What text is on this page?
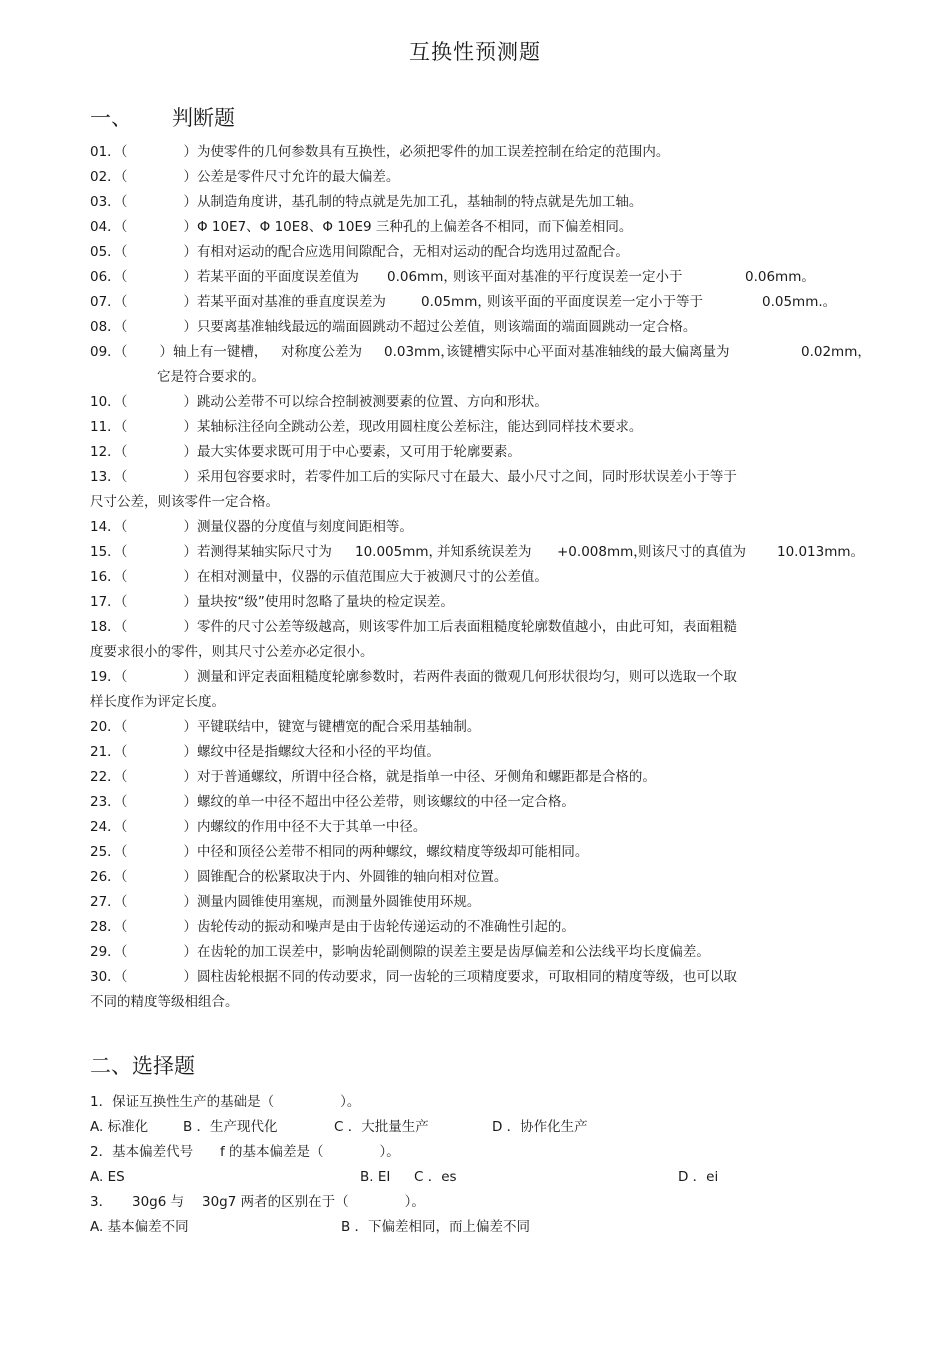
互换性预测题
一、 判断题
01．（	）为使零件的几何参数具有互换性，必须把零件的加工误差控制在给定的范围内。
02．（	）公差是零件尺寸允许的最大偏差。
03．（	）从制造角度讲，基孔制的特点就是先加工孔，基轴制的特点就是先加工轴。
04．（	）Φ 10E7、Φ 10E8、Φ 10E9 三种孔的上偏差各不相同，而下偏差相同。
05．（	）有相对运动的配合应选用间隙配合，无相对运动的配合均选用过盈配合。
06．（	）若某平面的平面度误差值为 0.06mm，
则该平面对基准的平行度误差一定小于	0.06mm。
07．（	）若某平面对基准的垂直度误差为	0.05mm，
则该平面的平面度误差一定小于等于	0.05mm.。
08．（	）只要离基准轴线最远的端面圆跳动不超过公差值，则该端面的端面圆跳动一定合格。
09．（ ）轴上有一键槽， 对称度公差为 0.03mm，
该键槽实际中心平面对基准轴线的最大偏离量为	0.02mm，
它是符合要求的。
10．（	）跳动公差带不可以综合控制被测要素的位置、方向和形状。
11．（	）某轴标注径向全跳动公差，现改用圆柱度公差标注，能达到同样技术要求。
12．（	）最大实体要求既可用于中心要素，又可用于轮廓要素。
13．（	）采用包容要求时，若零件加工后的实际尺寸在最大、最小尺寸之间，同时形状误差小于等于
尺寸公差，则该零件一定合格。
14．（	）测量仪器的分度值与刻度间距相等。
15．（	）若测得某轴实际尺寸为 10.005mm，
并知系统误差为 +0.008mm，
则该尺寸的真值为 10.013mm。
16．（	）在相对测量中，仪器的示值范围应大于被测尺寸的公差值。
17．（	）量块按“级”使用时忽略了量块的检定误差。
18．（	）零件的尺寸公差等级越高，则该零件加工后表面粗糙度轮廓数值越小，由此可知，表面粗糙
度要求很小的零件，则其尺寸公差亦必定很小。
19．（	）测量和评定表面粗糙度轮廓参数时，若两件表面的微观几何形状很均匀，则可以选取一个取
样长度作为评定长度。
20．（	）平键联结中，键宽与键槽宽的配合采用基轴制。
21．（	）螺纹中径是指螺纹大径和小径的平均值。
22．（	）对于普通螺纹，所谓中径合格，就是指单一中径、牙侧角和螺距都是合格的。
23．（	）螺纹的单一中径不超出中径公差带，则该螺纹的中径一定合格。
24．（	）内螺纹的作用中径不大于其单一中径。
25．（	）中径和顶径公差带不相同的两种螺纹，螺纹精度等级却可能相同。
26．（	）圆锥配合的松紧取决于内、外圆锥的轴向相对位置。
27．（	）测量内圆锥使用塞规，而测量外圆锥使用环规。
28．（	）齿轮传动的振动和噪声是由于齿轮传递运动的不准确性引起的。
29．（	）在齿轮的加工误差中，影响齿轮副侧隙的误差主要是齿厚偏差和公法线平均长度偏差。
30．（	）圆柱齿轮根据不同的传动要求，同一齿轮的三项精度要求，可取相同的精度等级，也可以取
不同的精度等级相组合。
二、选择题
1．保证互换性生产的基础是（	）。
A. 标准化	B ．生产现代化	C ．大批量生产	D ．协作化生产
2．基本偏差代号 f 的基本偏差是（	）。
A. ES	B. EI C ．es	D ．ei
3． 30g6 与 30g7 两者的区别在于（	）。
A. 基本偏差不同	B ．下偏差相同，而上偏差不同
